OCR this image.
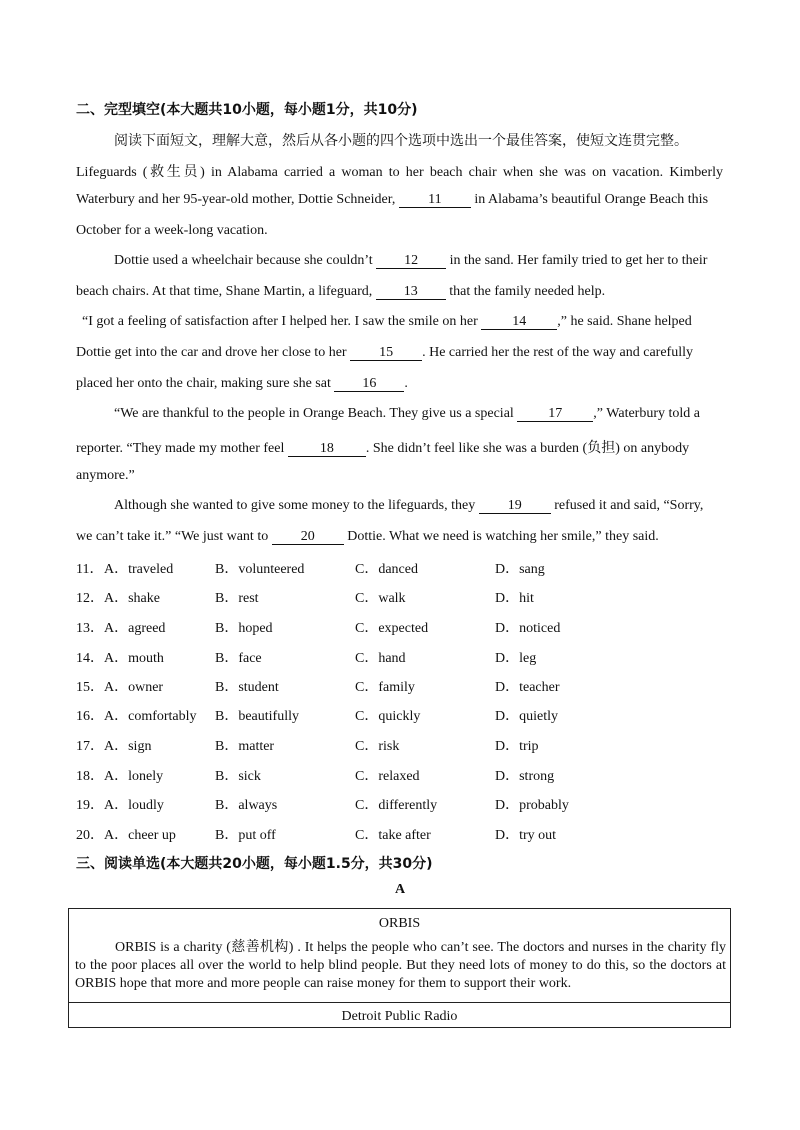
二、完型填空(本大题共10小题，每小题1分，共10分)
阅读下面短文，理解大意，然后从各小题的四个选项中选出一个最佳答案，使短文连贯完整。
Lifeguards (救生员) in Alabama carried a woman to her beach chair when she was on vacation. Kimberly
Waterbury and her 95-year-old mother, Dottie Schneider, 11 in Alabama’s beautiful Orange Beach this
October for a week-long vacation.
Dottie used a wheelchair because she couldn’t 12 in the sand. Her family tried to get her to their
beach chairs. At that time, Shane Martin, a lifeguard, 13 that the family needed help.
“I got a feeling of satisfaction after I helped her. I saw the smile on her 14 ,” he said. Shane helped
Dottie get into the car and drove her close to her 15 . He carried her the rest of the way and carefully
placed her onto the chair, making sure she sat 16 .
“We are thankful to the people in Orange Beach. They give us a special 17 ,” Waterbury told a
reporter. “They made my mother feel 18 . She didn’t feel like she was a burden (负担) on anybody
anymore.”
Although she wanted to give some money to the lifeguards, they 19 refused it and said, “Sorry,
we can’t take it.” “We just want to 20 Dottie. What we need is watching her smile,” they said.
11． A．traveled	B．volunteered	C．danced	D．sang
12． A．shake	B．rest	C．walk	D．hit
13． A．agreed	B．hoped	C．expected	D．noticed
14． A．mouth	B．face	C．hand	D．leg
15． A．owner	B．student	C．family	D．teacher
16． A．comfortably B．beautifully	C．quickly	D．quietly
17． A．sign	B．matter	C．risk	D．trip
18． A．lonely	B．sick	C．relaxed	D．strong
19． A．loudly	B．always	C．differently	D．probably
20． A．cheer up	B．put off	C．take after	D．try out
三、阅读单选(本大题共20小题，每小题1.5分，共30分)
A
ORBIS
ORBIS is a charity (慈善机构) . It helps the people who can’t see. The doctors and nurses in the charity fly to the poor places all over the world to help blind people. But they need lots of money to do this, so the doctors at ORBIS hope that more and more people can raise money for them to support their work.
Detroit Public Radio
